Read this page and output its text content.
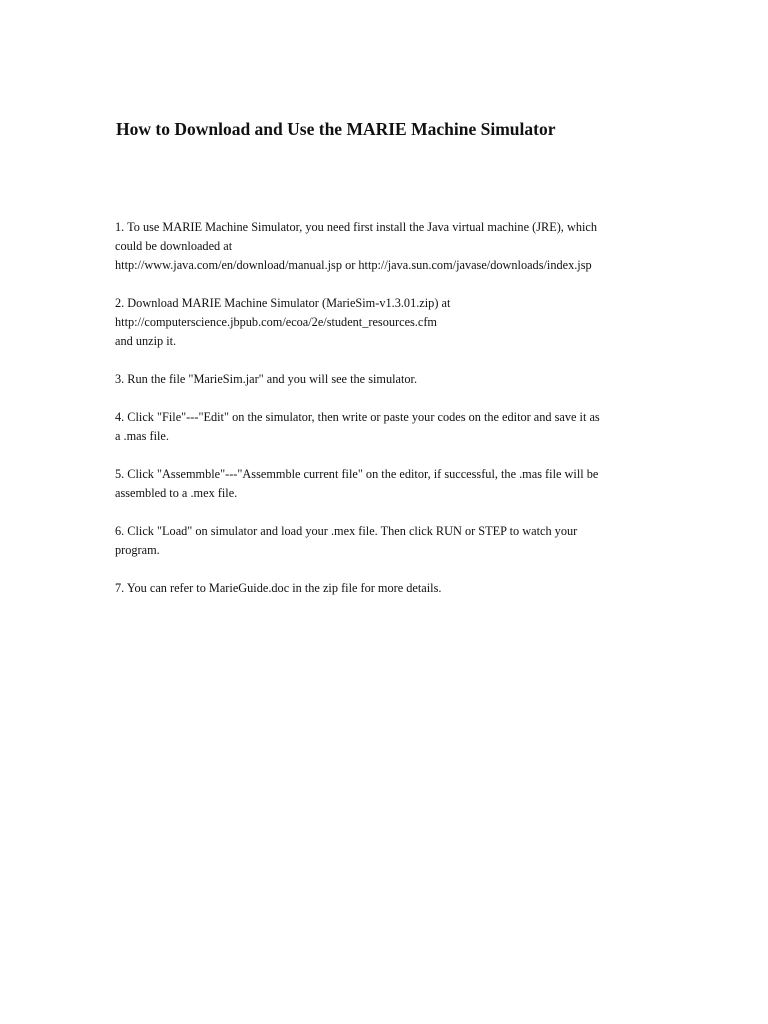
How to Download and Use the MARIE Machine Simulator

1. To use MARIE Machine Simulator, you need first install the Java virtual machine (JRE), which
could be downloaded at
http://www.java.com/en/download/manual.jsp or http://java.sun.com/javase/downloads/index.jsp

2. Download MARIE Machine Simulator (MarieSim-v1.3.01.zip) at
http://computerscience.jbpub.com/ecoa/2e/student_resources.cfm
and unzip it.

3. Run the file "MarieSim.jar" and you will see the simulator.

4. Click "File"---"Edit" on the simulator, then write or paste your codes on the editor and save it as
a .mas file.

5. Click "Assemmble"---"Assemmble current file" on the editor, if successful, the .mas file will be
assembled to a .mex file.

6. Click "Load" on simulator and load your .mex file. Then click RUN or STEP to watch your
program.

7. You can refer to MarieGuide.doc in the zip file for more details.
